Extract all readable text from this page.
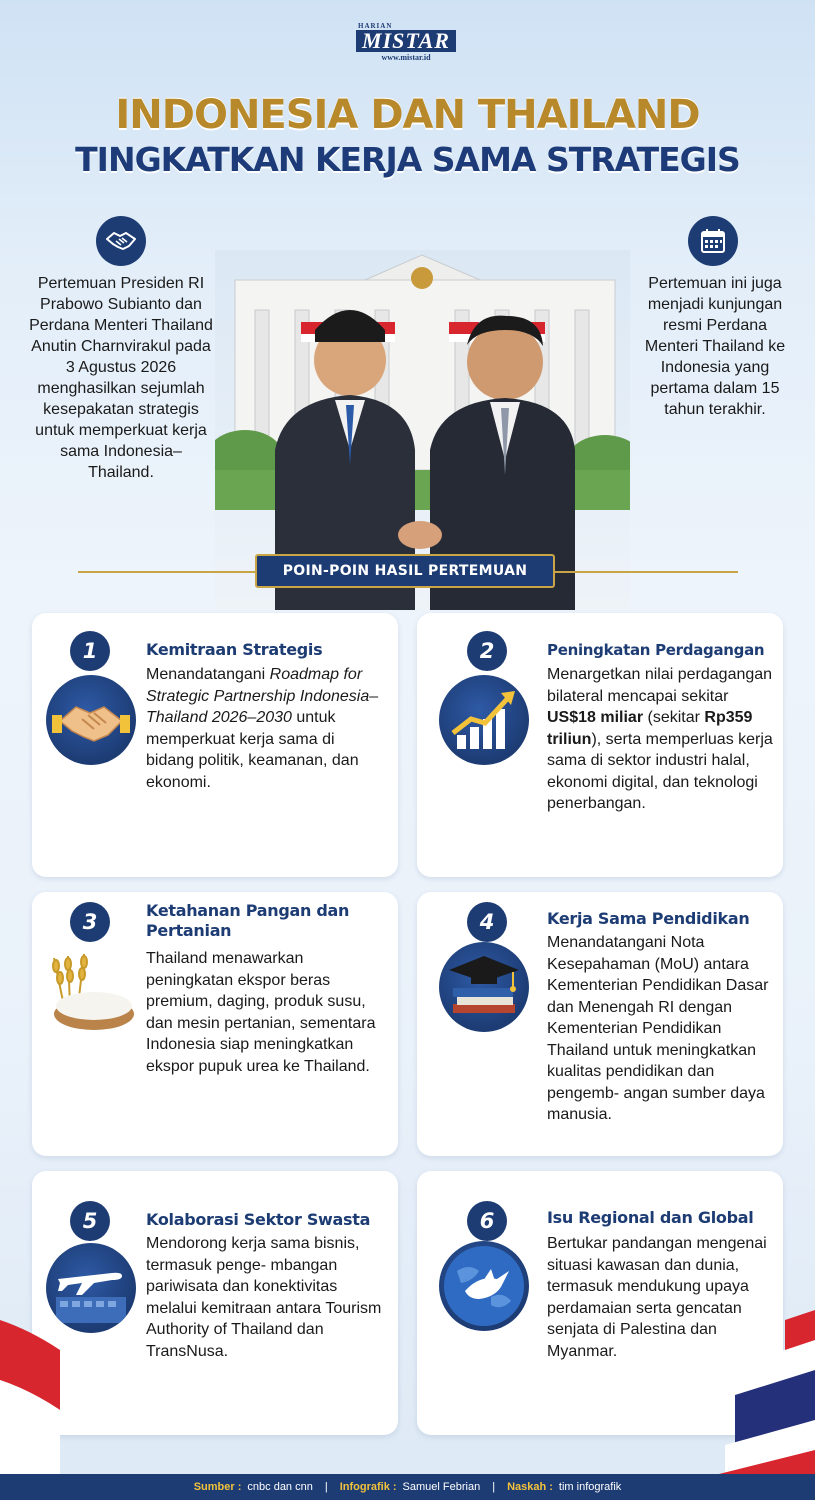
HARIAN
MISTAR
www.mistar.id
INDONESIA DAN THAILAND
TINGKATKAN KERJA SAMA STRATEGIS

Pertemuan Presiden RI Prabowo Subianto dan Perdana Menteri Thailand Anutin Charnvirakul pada 3 Agustus 2026 menghasilkan sejumlah kesepakatan strategis untuk memperkuat kerja sama Indonesia– Thailand.

Pertemuan ini juga menjadi kunjungan resmi Perdana Menteri Thailand ke Indonesia yang pertama dalam 15 tahun terakhir.

POIN-POIN HASIL PERTEMUAN
1	Kemitraan Strategis

Menandatangani Roadmap for Strategic Partnership Indonesia–Thailand 2026–2030 untuk memperkuat kerja sama di bidang politik, keamanan, dan ekonomi.

2	Peningkatan Perdagangan

Menargetkan nilai perdagangan bilateral mencapai sekitar US$18 miliar (sekitar Rp359 triliun), serta memperluas kerja sama di sektor industri halal, ekonomi digital, dan teknologi penerbangan.

3	Ketahanan Pangan dan Pertanian

Thailand menawarkan peningkatan ekspor beras premium, daging, produk susu, dan mesin pertanian, sementara Indonesia siap meningkatkan ekspor pupuk urea ke Thailand.

4	Kerja Sama Pendidikan

Menandatangani Nota Kesepahaman (MoU) antara Kementerian Pendidikan Dasar dan Menengah RI dengan Kementerian Pendidikan Thailand untuk meningkatkan kualitas pendidikan dan pengemb- angan sumber daya manusia.

5	Kolaborasi Sektor Swasta

Mendorong kerja sama bisnis, termasuk penge- mbangan pariwisata dan konektivitas melalui kemitraan antara Tourism Authority of Thailand dan TransNusa.

6	Isu Regional dan Global

Bertukar pandangan mengenai situasi kawasan dan dunia, termasuk mendukung upaya perdamaian serta gencatan senjata di Palestina dan Myanmar.

Sumber : cnbc dan cnn | Infografik : Samuel Febrian | Naskah : tim infografik
